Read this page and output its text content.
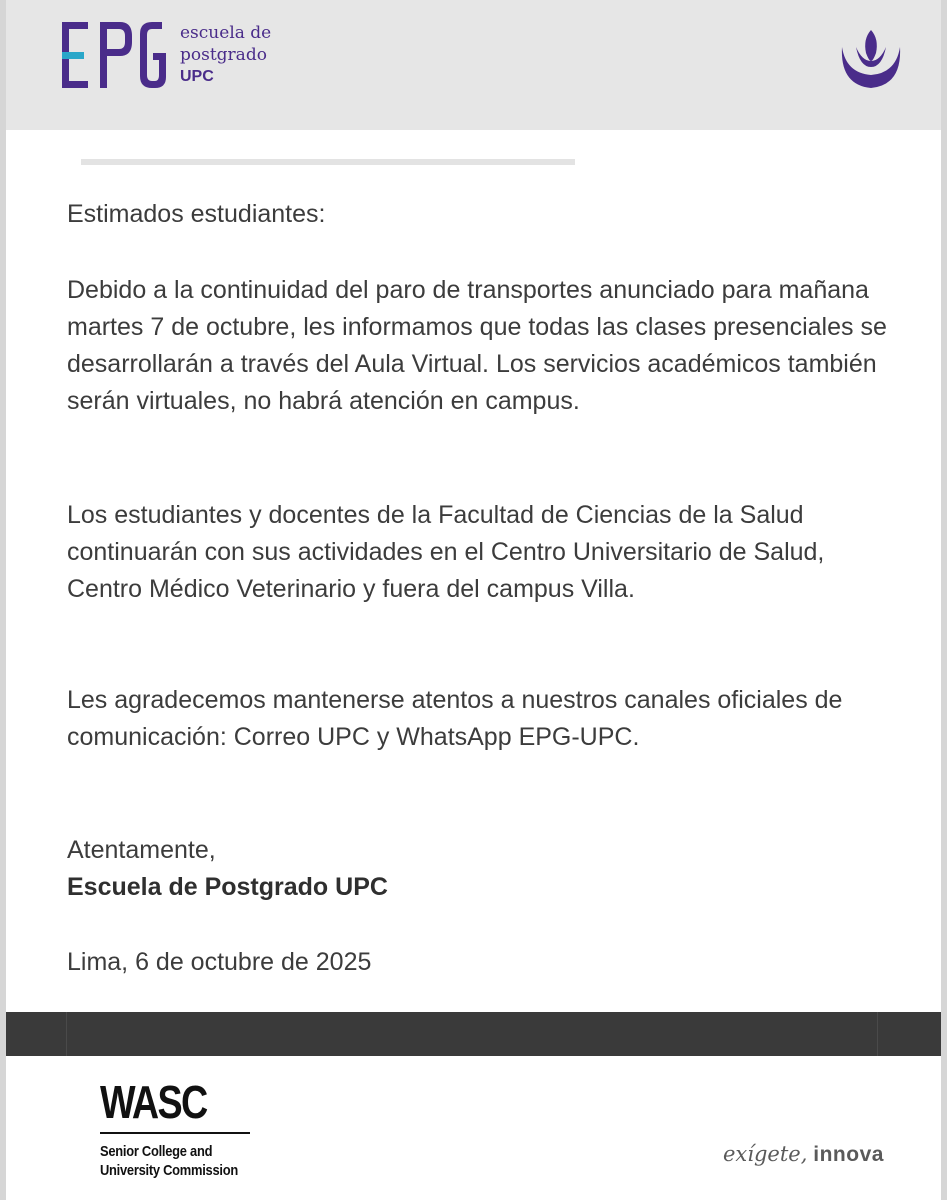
escuela de
postgrado
UPC

Estimados estudiantes:

Debido a la continuidad del paro de transportes anunciado para mañana martes 7 de octubre, les informamos que todas las clases presenciales se desarrollarán a través del Aula Virtual. Los servicios académicos también serán virtuales, no habrá atención en campus.

Los estudiantes y docentes de la Facultad de Ciencias de la Salud continuarán con sus actividades en el Centro Universitario de Salud, Centro Médico Veterinario y fuera del campus Villa.

Les agradecemos mantenerse atentos a nuestros canales oficiales de comunicación: Correo UPC y WhatsApp EPG-UPC.

Atentamente,

Escuela de Postgrado UPC

Lima, 6 de octubre de 2025

WASC
Senior College and
University Commission
exígete, innova
